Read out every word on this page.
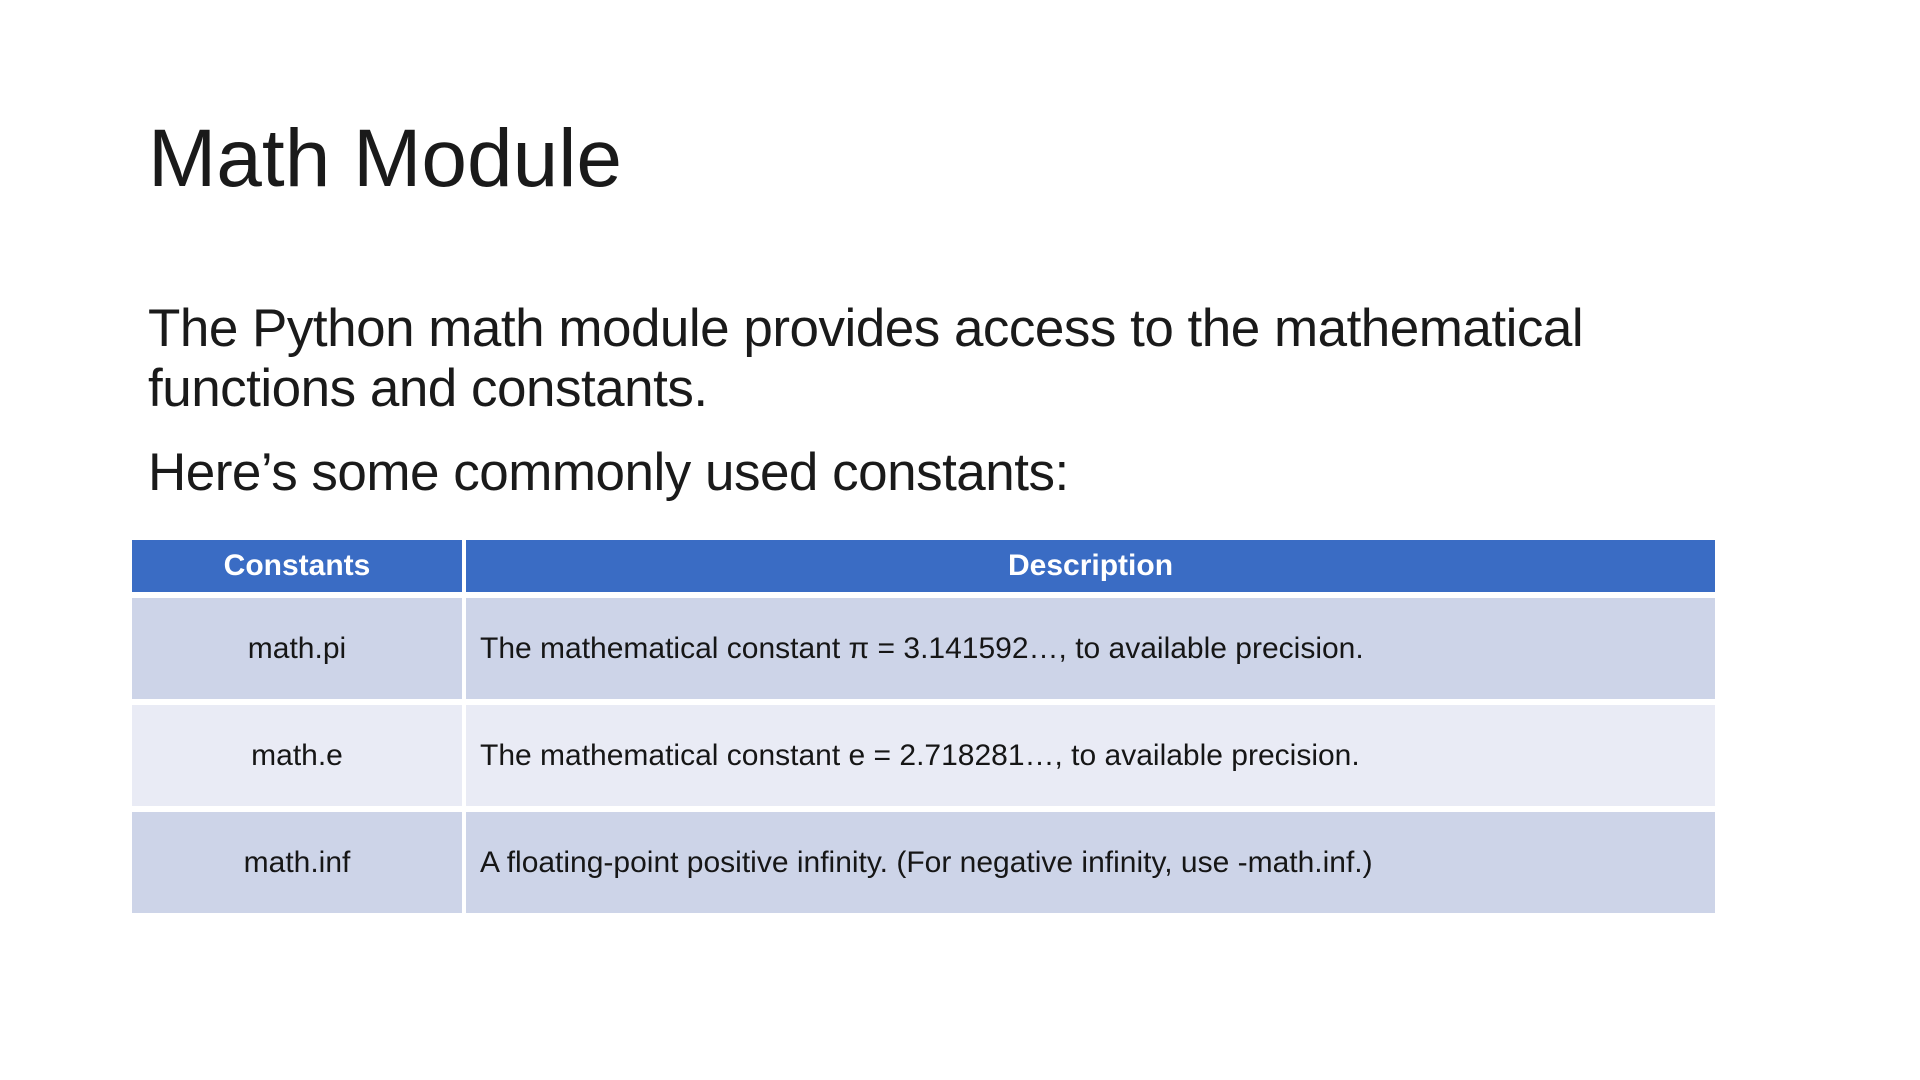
Math Module

The Python math module provides access to the mathematical

functions and constants.

Here’s some commonly used constants:

Constants	Description
math.pi	The mathematical constant π = 3.141592…, to available precision.
math.e	The mathematical constant e = 2.718281…, to available precision.
math.inf	A floating-point positive infinity. (For negative infinity, use -math.inf.)
